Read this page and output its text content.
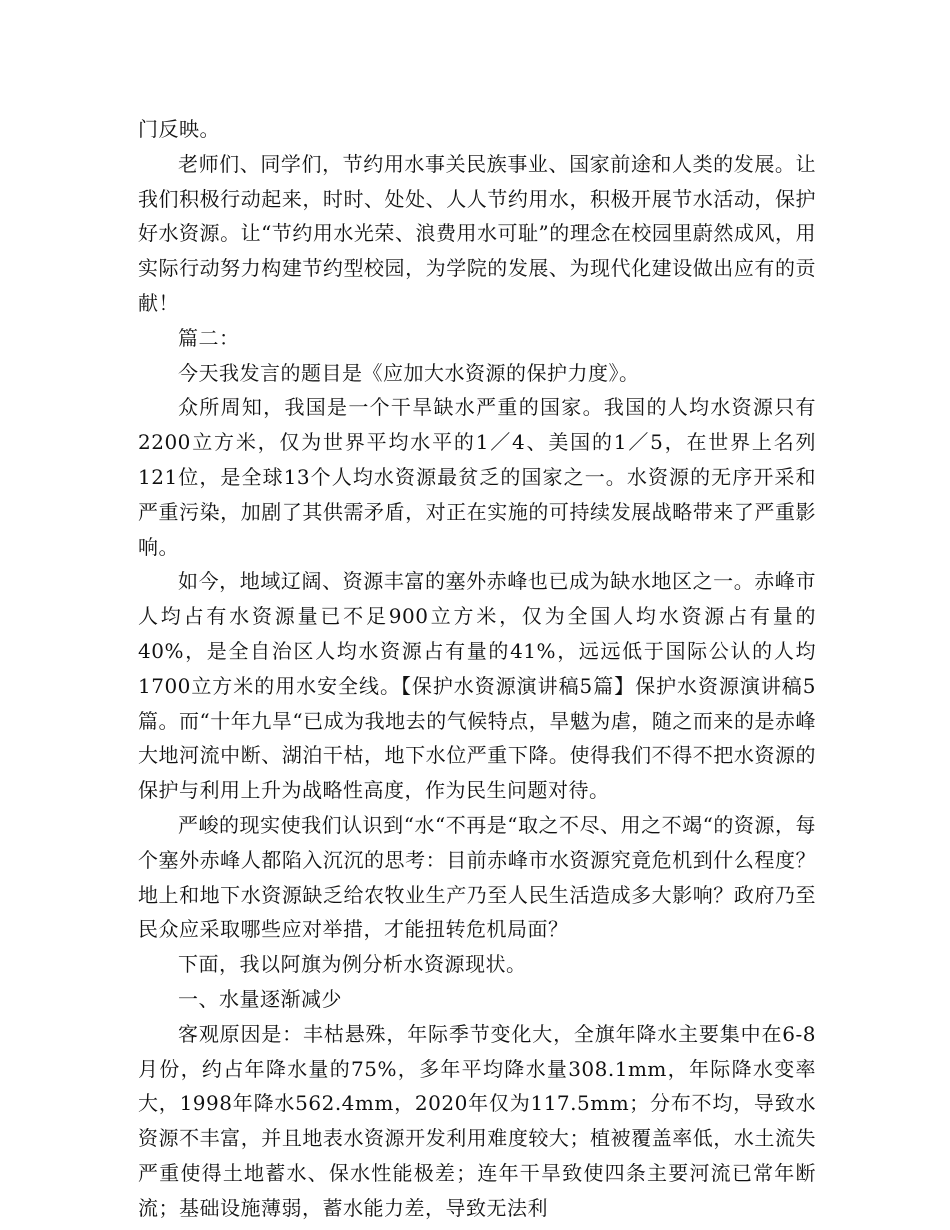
门反映。

老师们、同学们，节约用水事关民族事业、国家前途和人类的发展。让我们积极行动起来，时时、处处、人人节约用水，积极开展节水活动，保护好水资源。让“节约用水光荣、浪费用水可耻”的理念在校园里蔚然成风，用实际行动努力构建节约型校园，为学院的发展、为现代化建设做出应有的贡献！

篇二：

今天我发言的题目是《应加大水资源的保护力度》。

众所周知，我国是一个干旱缺水严重的国家。我国的人均水资源只有2200立方米，仅为世界平均水平的1／4、美国的1／5，在世界上名列121位，是全球13个人均水资源最贫乏的国家之一。水资源的无序开采和严重污染，加剧了其供需矛盾，对正在实施的可持续发展战略带来了严重影响。

如今，地域辽阔、资源丰富的塞外赤峰也已成为缺水地区之一。赤峰市人均占有水资源量已不足900立方米，仅为全国人均水资源占有量的40%，是全自治区人均水资源占有量的41%，远远低于国际公认的人均1700立方米的用水安全线。【保护水资源演讲稿5篇】保护水资源演讲稿5篇。而“十年九旱“已成为我地去的气候特点，旱魃为虐，随之而来的是赤峰大地河流中断、湖泊干枯，地下水位严重下降。使得我们不得不把水资源的保护与利用上升为战略性高度，作为民生问题对待。

严峻的现实使我们认识到“水“不再是“取之不尽、用之不竭“的资源，每个塞外赤峰人都陷入沉沉的思考：目前赤峰市水资源究竟危机到什么程度？地上和地下水资源缺乏给农牧业生产乃至人民生活造成多大影响？政府乃至民众应采取哪些应对举措，才能扭转危机局面？

下面，我以阿旗为例分析水资源现状。

一、水量逐渐减少

客观原因是：丰枯悬殊，年际季节变化大，全旗年降水主要集中在6-8月份，约占年降水量的75%，多年平均降水量308.1mm，年际降水变率大，1998年降水562.4mm，2020年仅为117.5mm；分布不均，导致水资源不丰富，并且地表水资源开发利用难度较大；植被覆盖率低，水土流失严重使得土地蓄水、保水性能极差；连年干旱致使四条主要河流已常年断流；基础设施薄弱，蓄水能力差，导致无法利
